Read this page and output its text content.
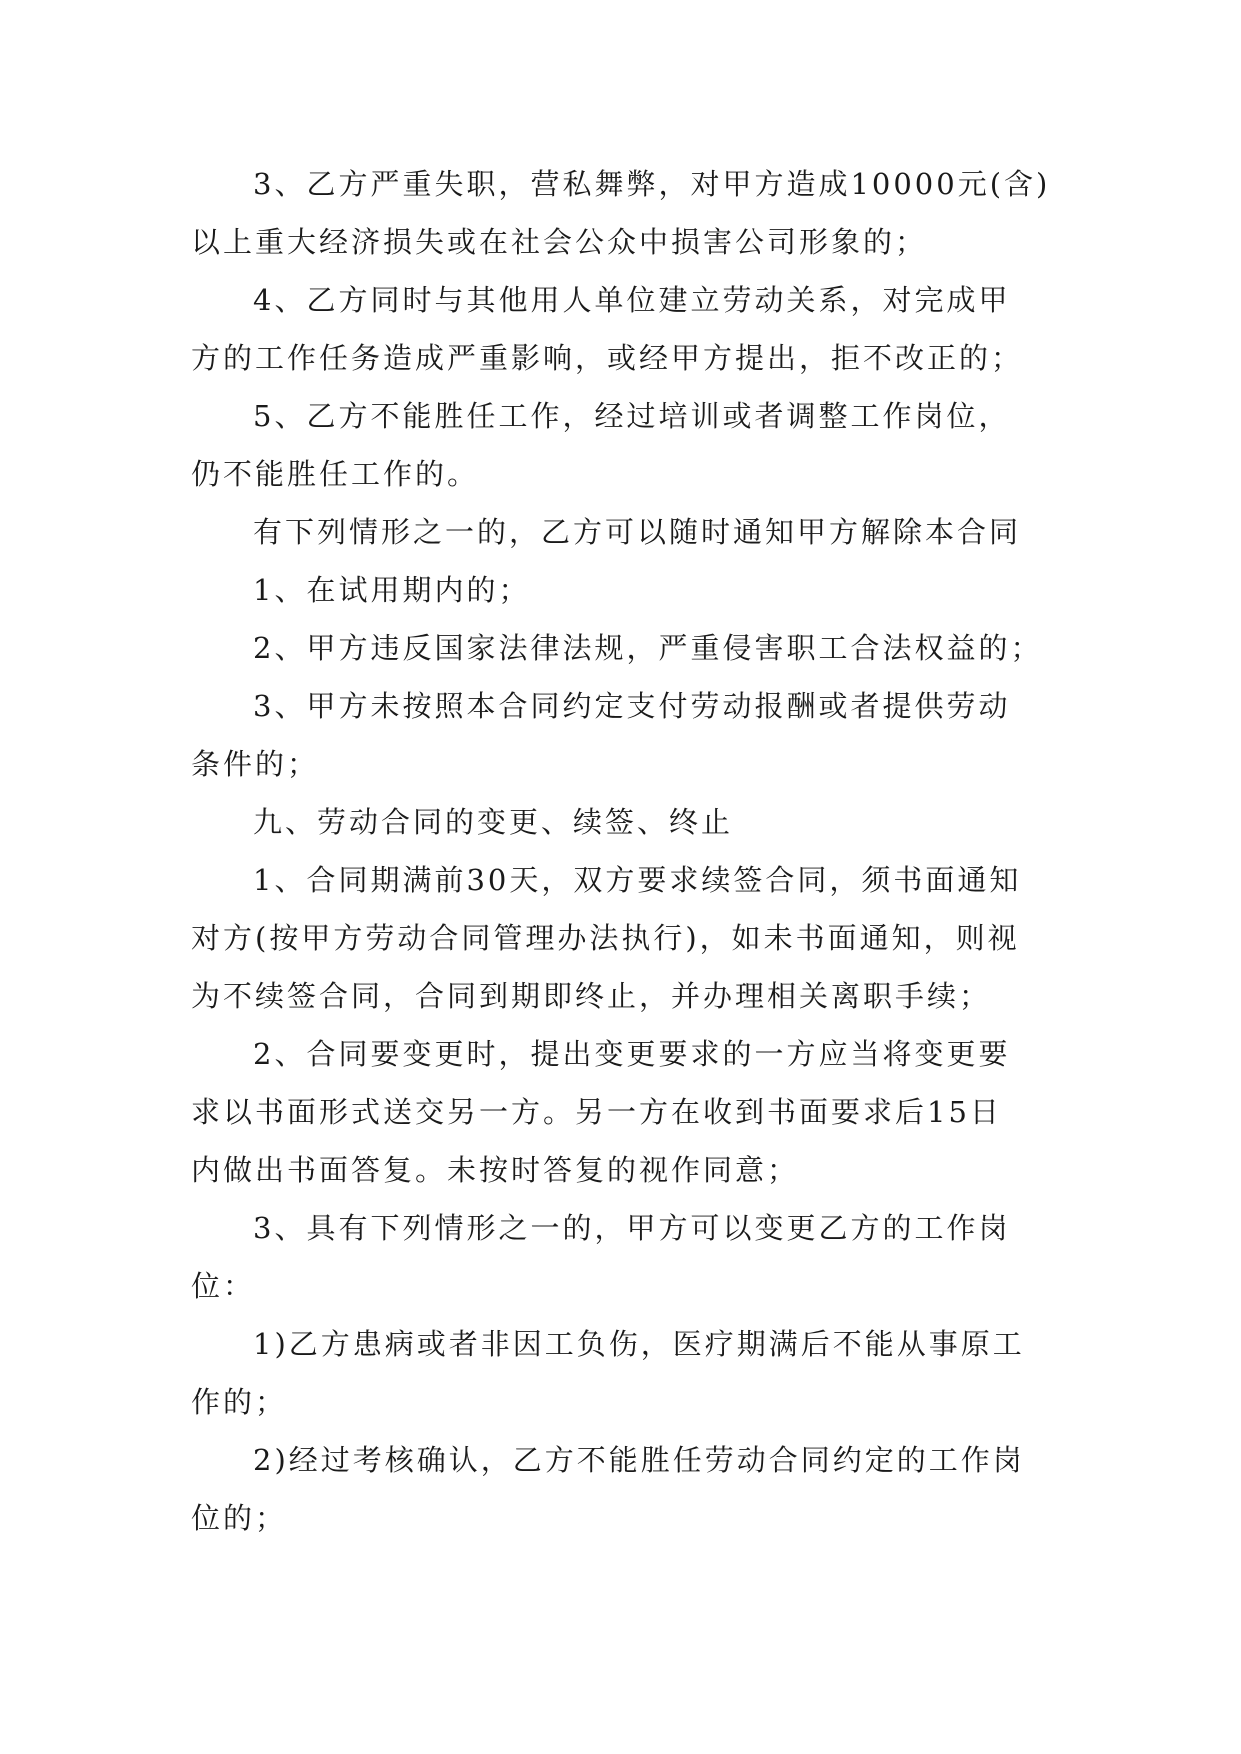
3、乙方严重失职，营私舞弊，对甲方造成10000元(含)
以上重大经济损失或在社会公众中损害公司形象的；
4、乙方同时与其他用人单位建立劳动关系，对完成甲
方的工作任务造成严重影响，或经甲方提出，拒不改正的；
5、乙方不能胜任工作，经过培训或者调整工作岗位，
仍不能胜任工作的。
有下列情形之一的，乙方可以随时通知甲方解除本合同
1、在试用期内的；
2、甲方违反国家法律法规，严重侵害职工合法权益的；
3、甲方未按照本合同约定支付劳动报酬或者提供劳动
条件的；
九、劳动合同的变更、续签、终止
1、合同期满前30天，双方要求续签合同，须书面通知
对方(按甲方劳动合同管理办法执行)，如未书面通知，则视
为不续签合同，合同到期即终止，并办理相关离职手续；
2、合同要变更时，提出变更要求的一方应当将变更要
求以书面形式送交另一方。另一方在收到书面要求后15日
内做出书面答复。未按时答复的视作同意；
3、具有下列情形之一的，甲方可以变更乙方的工作岗
位：
1)乙方患病或者非因工负伤，医疗期满后不能从事原工
作的；
2)经过考核确认，乙方不能胜任劳动合同约定的工作岗
位的；
